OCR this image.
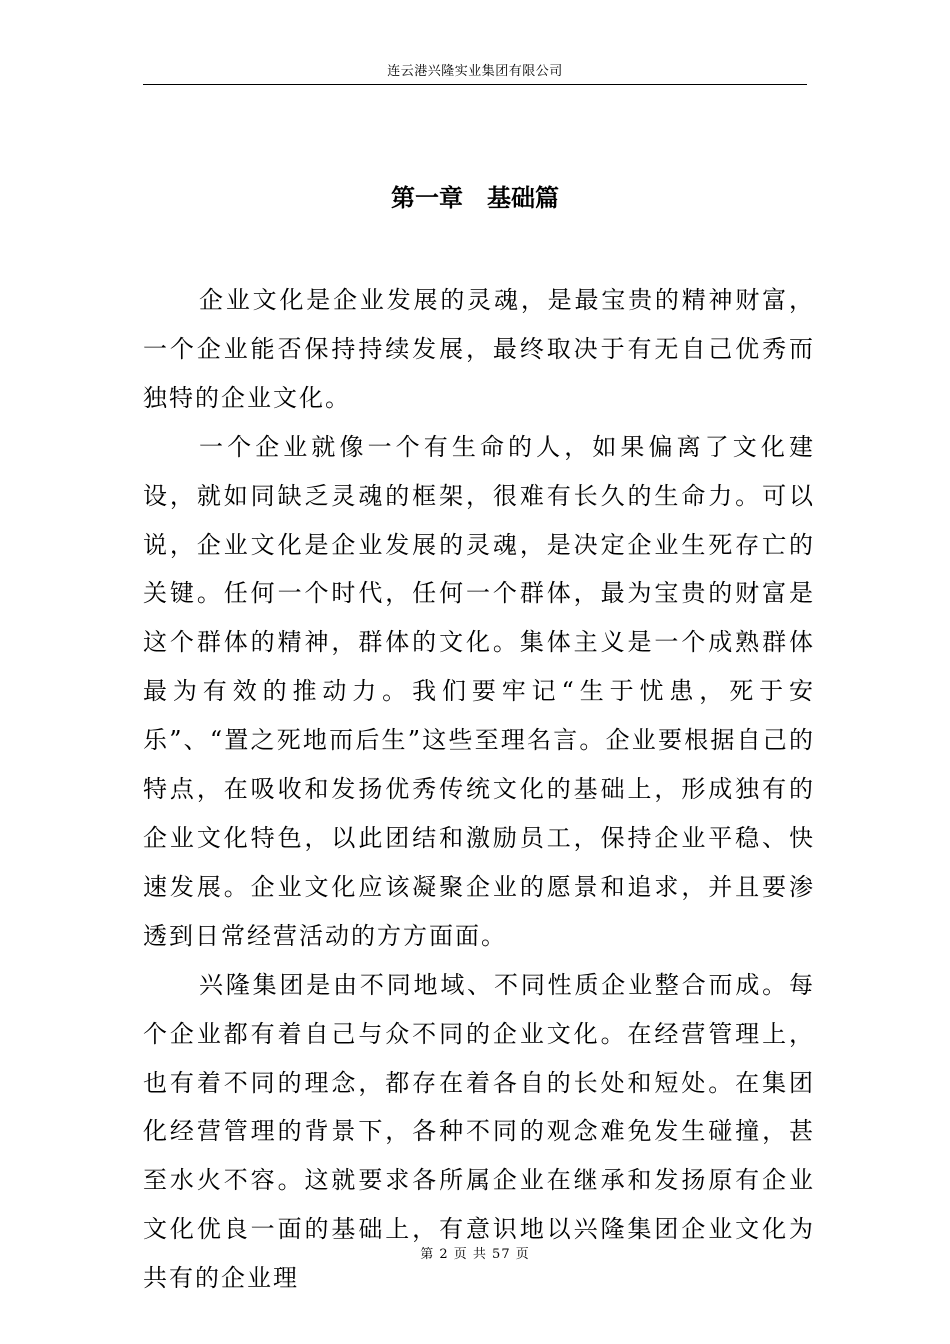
连云港兴隆实业集团有限公司
第一章　基础篇

企业文化是企业发展的灵魂，是最宝贵的精神财富，一个企业能否保持持续发展，最终取决于有无自己优秀而独特的企业文化。

一个企业就像一个有生命的人，如果偏离了文化建设，就如同缺乏灵魂的框架，很难有长久的生命力。可以说，企业文化是企业发展的灵魂，是决定企业生死存亡的关键。任何一个时代，任何一个群体，最为宝贵的财富是这个群体的精神，群体的文化。集体主义是一个成熟群体最为有效的推动力。我们要牢记“生于忧患，死于安乐”、“置之死地而后生”这些至理名言。企业要根据自己的特点，在吸收和发扬优秀传统文化的基础上，形成独有的企业文化特色，以此团结和激励员工，保持企业平稳、快速发展。企业文化应该凝聚企业的愿景和追求，并且要渗透到日常经营活动的方方面面。

兴隆集团是由不同地域、不同性质企业整合而成。每个企业都有着自己与众不同的企业文化。在经营管理上，也有着不同的理念，都存在着各自的长处和短处。在集团化经营管理的背景下，各种不同的观念难免发生碰撞，甚至水火不容。这就要求各所属企业在继承和发扬原有企业文化优良一面的基础上，有意识地以兴隆集团企业文化为共有的企业理

第 2 页 共 57 页
